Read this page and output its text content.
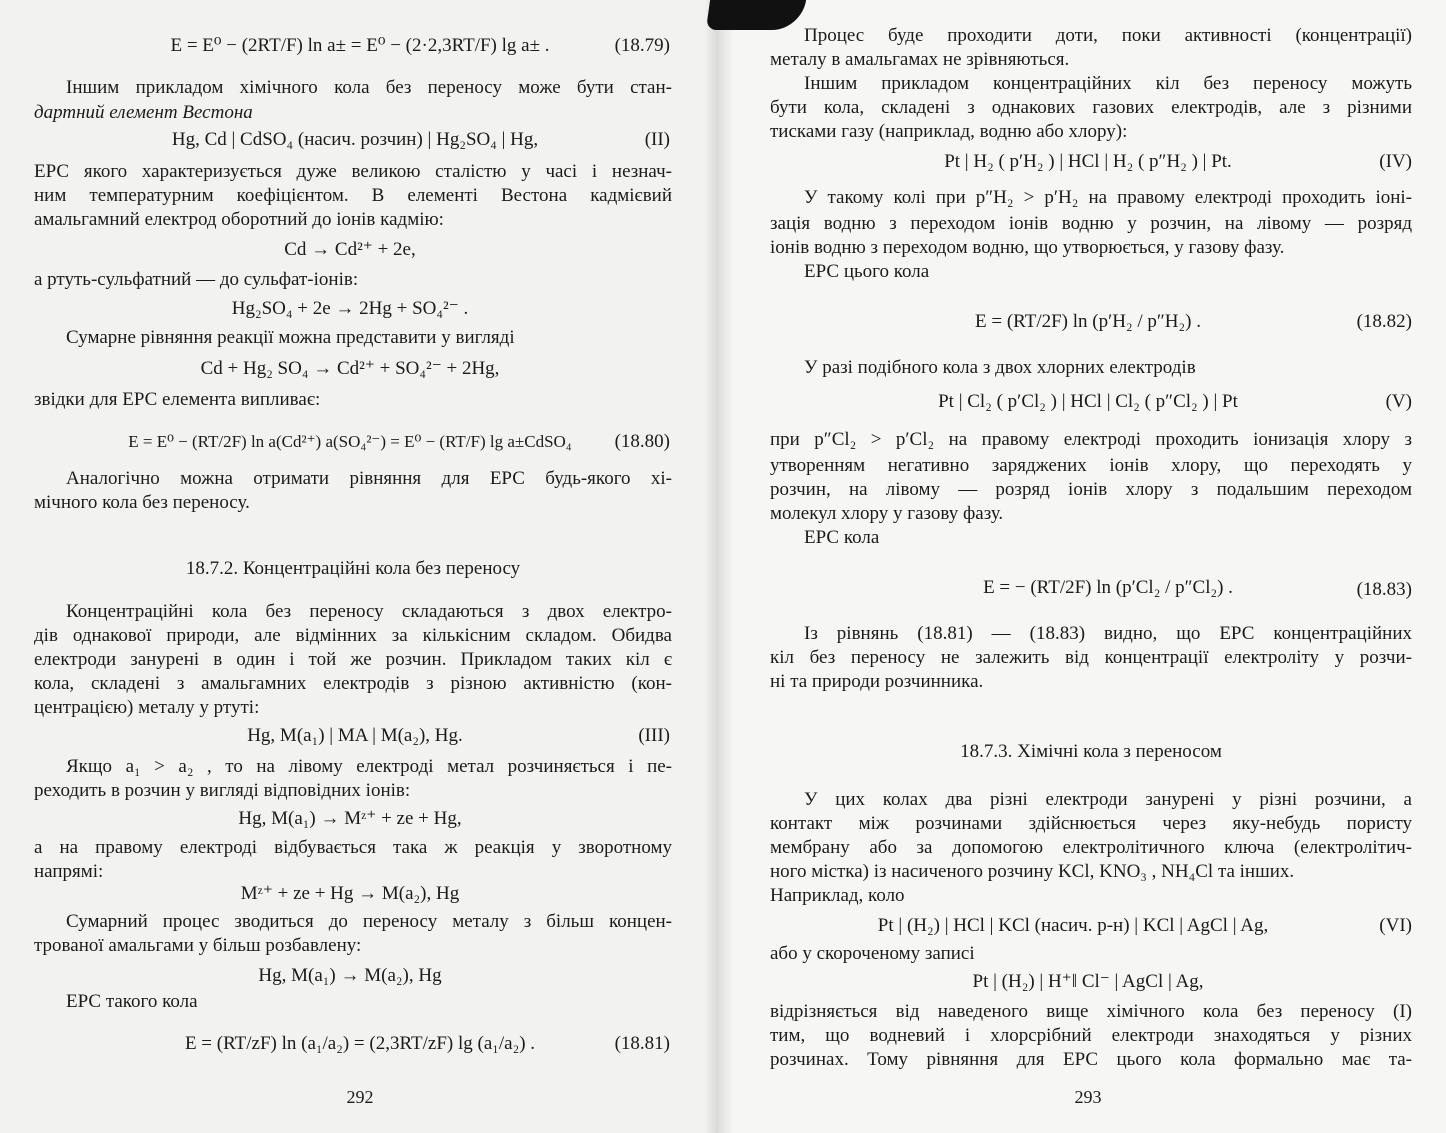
E = E⁰ − (2RT/F) ln a± = E⁰ − (2·2,3RT/F) lg a± .	(18.79)
Іншим прикладом хімічного кола без переносу може бути стан-
дартний елемент Вестона
Hg, Cd | CdSO₄ (насич. розчин) | Hg₂SO₄ | Hg,	(II)
ЕРС якого характеризується дуже великою сталістю у часі і незнач-
ним температурним коефіцієнтом. В елементі Вестона кадмієвий
амальгамний електрод оборотний до іонів кадмію:
Cd → Cd²⁺ + 2e,
а ртуть-сульфатний — до сульфат-іонів:
Hg₂SO₄ + 2e → 2Hg + SO₄²⁻ .
Сумарне рівняння реакції можна представити у вигляді
Cd + Hg₂ SO₄ → Cd²⁺ + SO₄²⁻ + 2Hg,
звідки для ЕРС елемента випливає:
E = E⁰ − (RT/2F) ln a(Cd²⁺) a(SO₄²⁻) = E⁰ − (RT/F) lg a±CdSO₄	(18.80)
Аналогічно можна отримати рівняння для ЕРС будь-якого хі-
мічного кола без переносу.
18.7.2. Концентраційні кола без переносу
Концентраційні кола без переносу складаються з двох електро-
дів однакової природи, але відмінних за кількісним складом. Обидва
електроди занурені в один і той же розчин. Прикладом таких кіл є
кола, складені з амальгамних електродів з різною активністю (кон-
центрацією) металу у ртуті:
Hg, M(a₁) | MA | M(a₂), Hg.	(III)
Якщо a₁ > a₂ , то на лівому електроді метал розчиняється і пе-
реходить в розчин у вигляді відповідних іонів:
Hg, M(a₁) → Mᶻ⁺ + ze + Hg,
а на правому електроді відбувається така ж реакція у зворотному
напрямі:
Mᶻ⁺ + ze + Hg → M(a₂), Hg
Сумарний процес зводиться до переносу металу з більш концен-
трованої амальгами у більш розбавлену:
Hg, M(a₁) → M(a₂), Hg
ЕРС такого кола
E = (RT/zF) ln (a₁/a₂) = (2,3RT/zF) lg (a₁/a₂) .	(18.81)
292
Процес буде проходити доти, поки активності (концентрації)
металу в амальгамах не зрівняються.
Іншим прикладом концентраційних кіл без переносу можуть
бути кола, складені з однакових газових електродів, але з різними
тисками газу (наприклад, водню або хлору):
Pt | H₂ ( p′H₂ ) | HCl | H₂ ( p″H₂ ) | Pt.	(IV)
У такому колі при p″H₂ > p′H₂ на правому електроді проходить іоні-
зація водню з переходом іонів водню у розчин, на лівому — розряд
іонів водню з переходом водню, що утворюється, у газову фазу.
ЕРС цього кола
E = (RT/2F) ln (p′H₂ / p″H₂) .	(18.82)
У разі подібного кола з двох хлорних електродів
Pt | Cl₂ ( p′Cl₂ ) | HCl | Cl₂ ( p″Cl₂ ) | Pt	(V)
при p″Cl₂ > p′Cl₂ на правому електроді проходить іонизація хлору з
утворенням негативно заряджених іонів хлору, що переходять у
розчин, на лівому — розряд іонів хлору з подальшим переходом
молекул хлору у газову фазу.
ЕРС кола
E = − (RT/2F) ln (p′Cl₂ / p″Cl₂) .	(18.83)
Із рівнянь (18.81) — (18.83) видно, що ЕРС концентраційних
кіл без переносу не залежить від концентрації електроліту у розчи-
ні та природи розчинника.
18.7.3. Хімічні кола з переносом
У цих колах два різні електроди занурені у різні розчини, а
контакт між розчинами здійснюється через яку-небудь пористу
мембрану або за допомогою електролітичного ключа (електролітич-
ного містка) із насиченого розчину KCl, KNO₃ , NH₄Cl та інших.
Наприклад, коло
Pt | (H₂) | HCl | KCl (насич. р-н) | KCl | AgCl | Ag,	(VI)
або у скороченому записі
Pt | (H₂) | H⁺‖ Cl⁻ | AgCl | Ag,
відрізняється від наведеного вище хімічного кола без переносу (I)
тим, що водневий і хлорсрібний електроди знаходяться у різних
розчинах. Тому рівняння для ЕРС цього кола формально має та-
293
